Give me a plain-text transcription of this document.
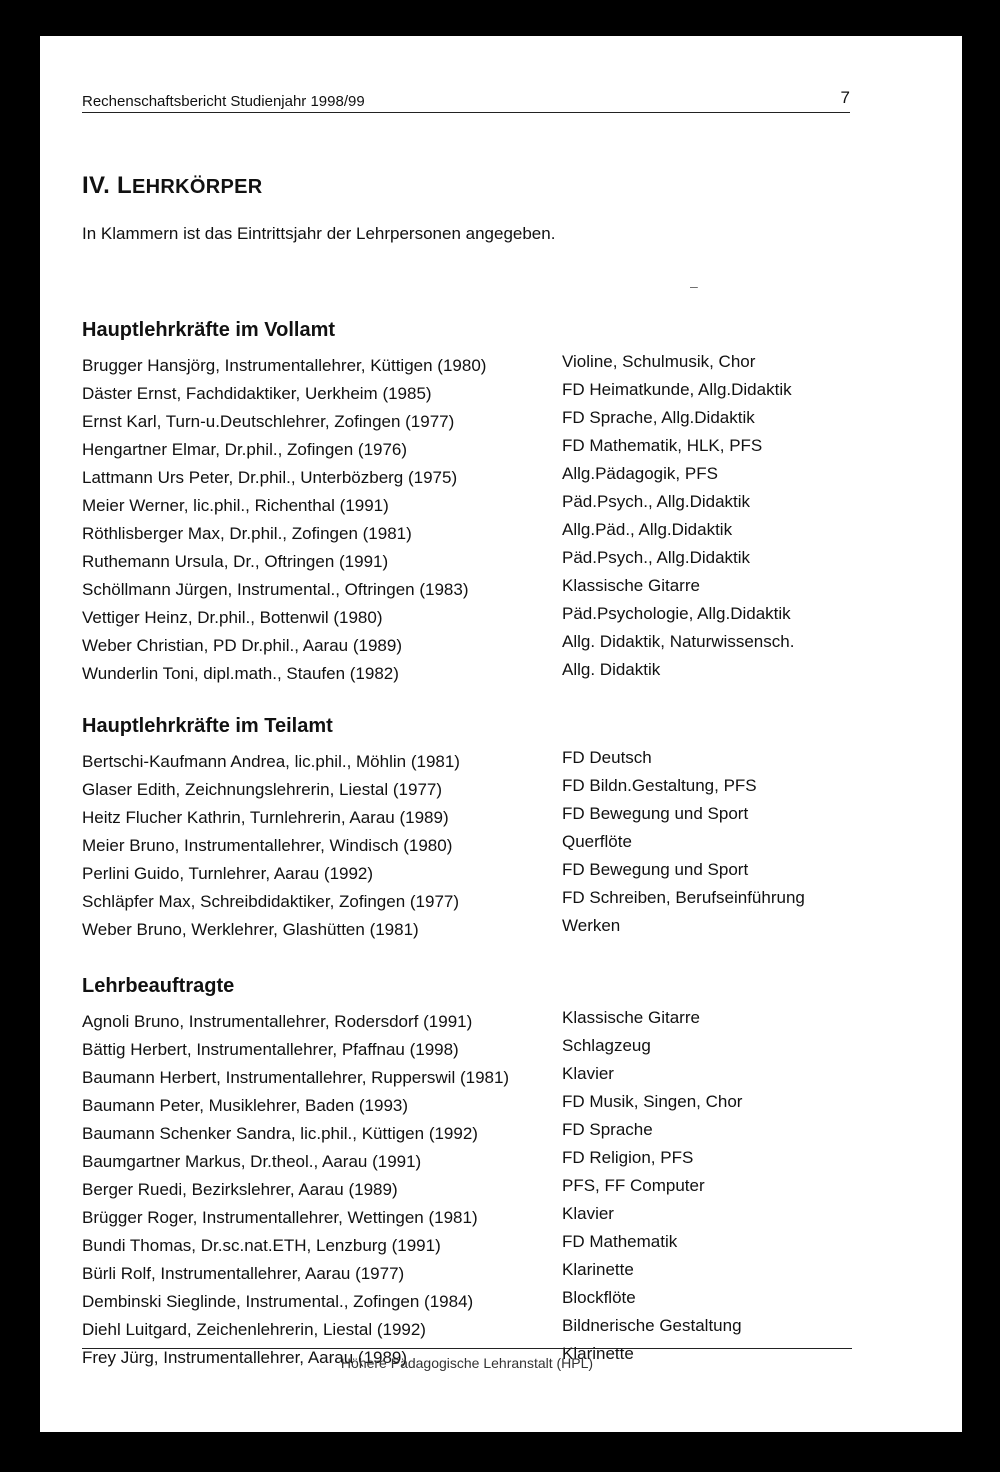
Rechenschaftsbericht Studienjahr 1998/99	7
IV. LEHRKÖRPER
In Klammern ist das Eintrittsjahr der Lehrpersonen angegeben.
–
Hauptlehrkräfte im Vollamt
Brugger Hansjörg, Instrumentallehrer, Küttigen (1980)	Violine, Schulmusik, Chor
Däster Ernst, Fachdidaktiker, Uerkheim (1985)	FD Heimatkunde, Allg.Didaktik
Ernst Karl, Turn-u.Deutschlehrer, Zofingen (1977)	FD Sprache, Allg.Didaktik
Hengartner Elmar, Dr.phil., Zofingen (1976)	FD Mathematik, HLK, PFS
Lattmann Urs Peter, Dr.phil., Unterbözberg (1975)	Allg.Pädagogik, PFS
Meier Werner, lic.phil., Richenthal (1991)	Päd.Psych., Allg.Didaktik
Röthlisberger Max, Dr.phil., Zofingen (1981)	Allg.Päd., Allg.Didaktik
Ruthemann Ursula, Dr., Oftringen (1991)	Päd.Psych., Allg.Didaktik
Schöllmann Jürgen, Instrumental., Oftringen (1983)	Klassische Gitarre
Vettiger Heinz, Dr.phil., Bottenwil (1980)	Päd.Psychologie, Allg.Didaktik
Weber Christian, PD Dr.phil., Aarau (1989)	Allg. Didaktik, Naturwissensch.
Wunderlin Toni, dipl.math., Staufen (1982)	Allg. Didaktik
Hauptlehrkräfte im Teilamt
Bertschi-Kaufmann Andrea, lic.phil., Möhlin (1981)	FD Deutsch
Glaser Edith, Zeichnungslehrerin, Liestal (1977)	FD Bildn.Gestaltung, PFS
Heitz Flucher Kathrin, Turnlehrerin, Aarau (1989)	FD Bewegung und Sport
Meier Bruno, Instrumentallehrer, Windisch (1980)	Querflöte
Perlini Guido, Turnlehrer, Aarau (1992)	FD Bewegung und Sport
Schläpfer Max, Schreibdidaktiker, Zofingen (1977)	FD Schreiben, Berufseinführung
Weber Bruno, Werklehrer, Glashütten (1981)	Werken
Lehrbeauftragte
Agnoli Bruno, Instrumentallehrer, Rodersdorf (1991)	Klassische Gitarre
Bättig Herbert, Instrumentallehrer, Pfaffnau (1998)	Schlagzeug
Baumann Herbert, Instrumentallehrer, Rupperswil (1981)	Klavier
Baumann Peter, Musiklehrer, Baden (1993)	FD Musik, Singen, Chor
Baumann Schenker Sandra, lic.phil., Küttigen (1992)	FD Sprache
Baumgartner Markus, Dr.theol., Aarau (1991)	FD Religion, PFS
Berger Ruedi, Bezirkslehrer, Aarau (1989)	PFS, FF Computer
Brügger Roger, Instrumentallehrer, Wettingen (1981)	Klavier
Bundi Thomas, Dr.sc.nat.ETH, Lenzburg (1991)	FD Mathematik
Bürli Rolf, Instrumentallehrer, Aarau (1977)	Klarinette
Dembinski Sieglinde, Instrumental., Zofingen (1984)	Blockflöte
Diehl Luitgard, Zeichenlehrerin, Liestal (1992)	Bildnerische Gestaltung
Frey Jürg, Instrumentallehrer, Aarau (1989)	Klarinette
Höhere Pädagogische Lehranstalt (HPL)
